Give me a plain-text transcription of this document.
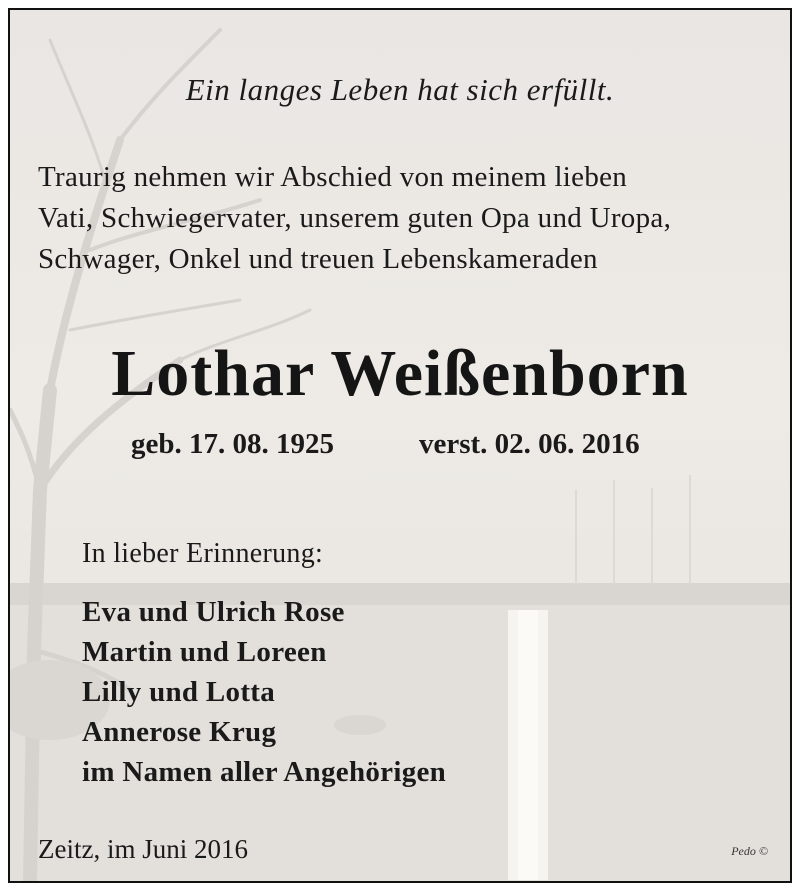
Ein langes Leben hat sich erfüllt.
Traurig nehmen wir Abschied von meinem lieben
Vati, Schwiegervater, unserem guten Opa und Uropa,
Schwager, Onkel und treuen Lebenskameraden
Lothar Weißenborn
geb. 17. 08. 1925	verst. 02. 06. 2016
In lieber Erinnerung:
Eva und Ulrich Rose
Martin und Loreen
Lilly und Lotta
Annerose Krug
im Namen aller Angehörigen
Zeitz, im Juni 2016	Pedo ©
